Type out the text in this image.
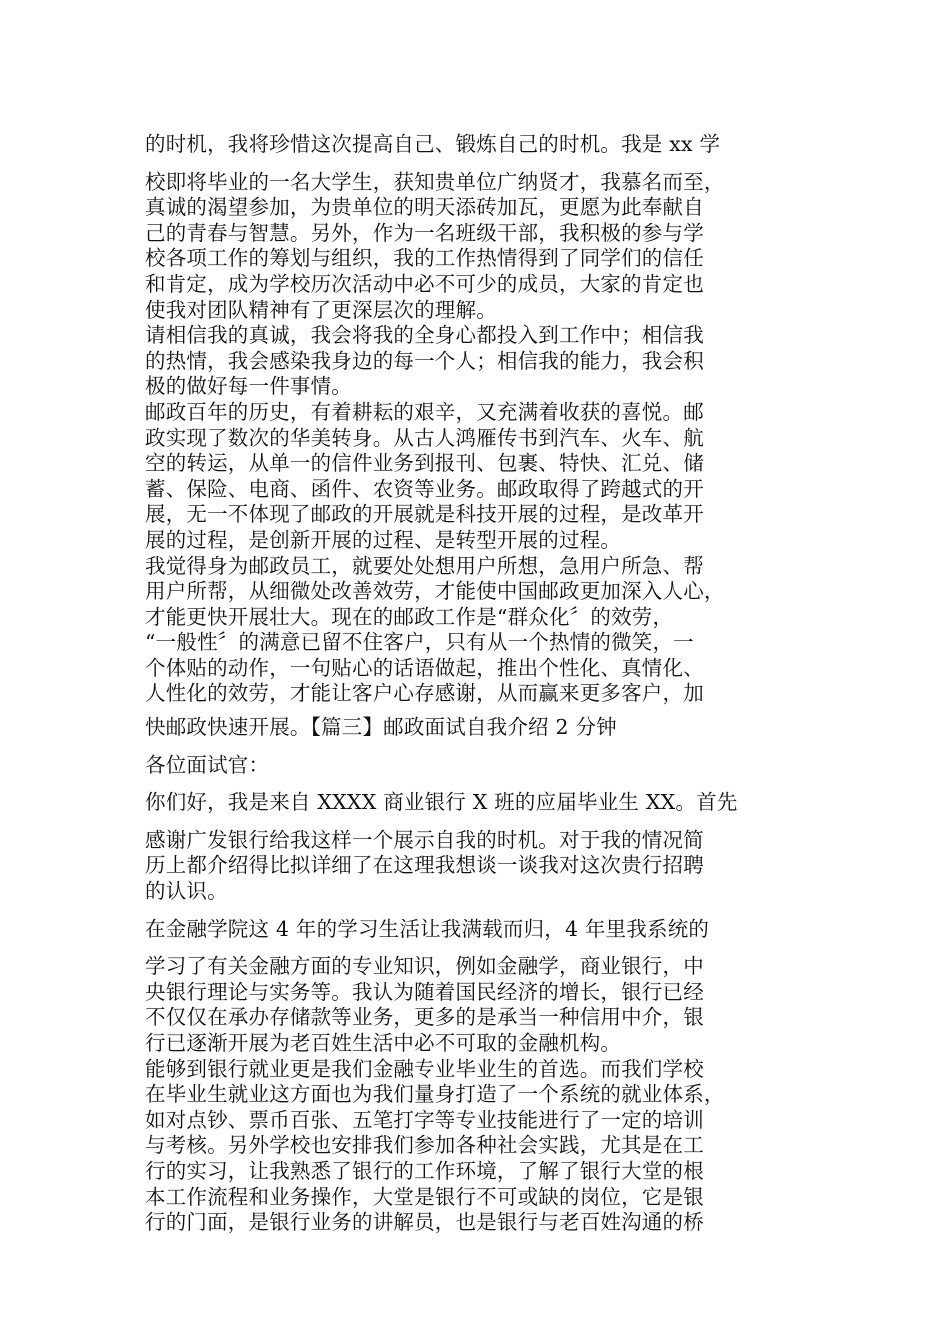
的时机，我将珍惜这次提高自己、锻炼自己的时机。我是 xx 学
校即将毕业的一名大学生，获知贵单位广纳贤才，我慕名而至，
真诚的渴望参加，为贵单位的明天添砖加瓦，更愿为此奉献自
己的青春与智慧。另外，作为一名班级干部，我积极的参与学
校各项工作的筹划与组织，我的工作热情得到了同学们的信任
和肯定，成为学校历次活动中必不可少的成员，大家的肯定也
使我对团队精神有了更深层次的理解。
请相信我的真诚，我会将我的全身心都投入到工作中；相信我
的热情，我会感染我身边的每一个人；相信我的能力，我会积
极的做好每一件事情。
邮政百年的历史，有着耕耘的艰辛，又充满着收获的喜悦。邮
政实现了数次的华美转身。从古人鸿雁传书到汽车、火车、航
空的转运，从单一的信件业务到报刊、包裹、特快、汇兑、储
蓄、保险、电商、函件、农资等业务。邮政取得了跨越式的开
展，无一不体现了邮政的开展就是科技开展的过程，是改革开
展的过程，是创新开展的过程、是转型开展的过程。
我觉得身为邮政员工，就要处处想用户所想，急用户所急、帮
用户所帮，从细微处改善效劳，才能使中国邮政更加深入人心，
才能更快开展壮大。现在的邮政工作是“群众化〞的效劳，
“一般性〞的满意已留不住客户，只有从一个热情的微笑，一
个体贴的动作，一句贴心的话语做起，推出个性化、真情化、
人性化的效劳，才能让客户心存感谢，从而赢来更多客户，加
快邮政快速开展。【篇三】邮政面试自我介绍 2 分钟
各位面试官：
你们好，我是来自 XXXX 商业银行 X 班的应届毕业生 XX。首先
感谢广发银行给我这样一个展示自我的时机。对于我的情况简
历上都介绍得比拟详细了在这理我想谈一谈我对这次贵行招聘
的认识。
在金融学院这 4 年的学习生活让我满载而归，4 年里我系统的
学习了有关金融方面的专业知识，例如金融学，商业银行，中
央银行理论与实务等。我认为随着国民经济的增长，银行已经
不仅仅在承办存储款等业务，更多的是承当一种信用中介，银
行已逐渐开展为老百姓生活中必不可取的金融机构。
能够到银行就业更是我们金融专业毕业生的首选。而我们学校
在毕业生就业这方面也为我们量身打造了一个系统的就业体系，
如对点钞、票币百张、五笔打字等专业技能进行了一定的培训
与考核。另外学校也安排我们参加各种社会实践，尤其是在工
行的实习，让我熟悉了银行的工作环境，了解了银行大堂的根
本工作流程和业务操作，大堂是银行不可或缺的岗位，它是银
行的门面，是银行业务的讲解员，也是银行与老百姓沟通的桥
